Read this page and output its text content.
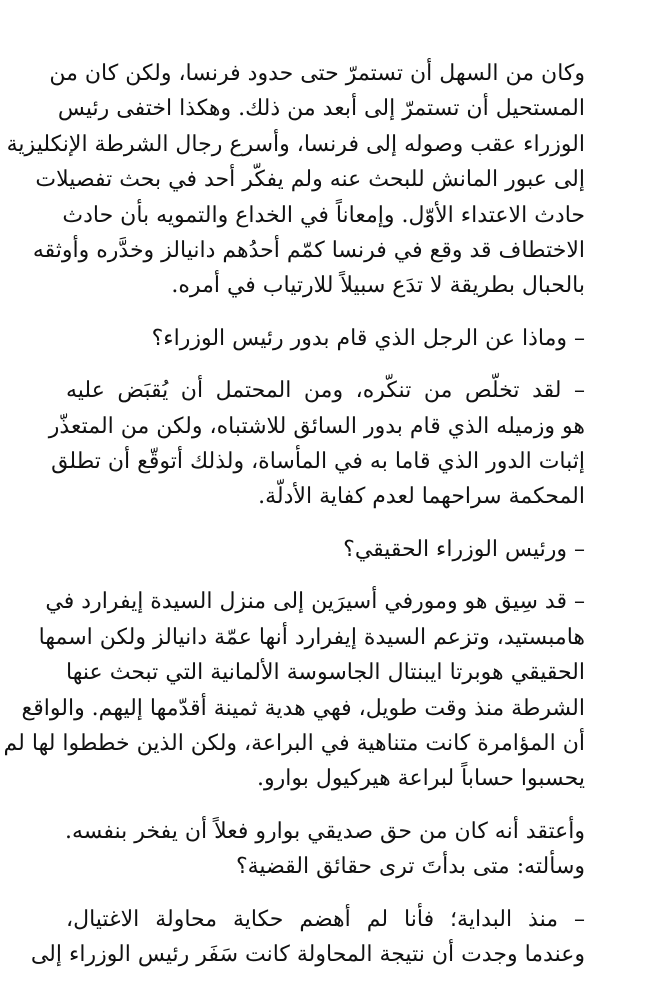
وكان من السهل أن تستمرّ حتى حدود فرنسا، ولكن كان من
المستحيل أن تستمرّ إلى أبعد من ذلك. وهكذا اختفى رئيس
الوزراء عقب وصوله إلى فرنسا، وأسرع رجال الشرطة الإنكليزية
إلى عبور المانش للبحث عنه ولم يفكّر أحد في بحث تفصيلات
حادث الاعتداء الأوّل. وإمعاناً في الخداع والتمويه بأن حادث
الاختطاف قد وقع في فرنسا كمّم أحدُهم دانيالز وخدَّره وأوثقه
بالحبال بطريقة لا تدَع سبيلاً للارتياب في أمره.

– وماذا عن الرجل الذي قام بدور رئيس الوزراء؟

– لقد تخلّص من تنكّره، ومن المحتمل أن يُقبَض عليه
هو وزميله الذي قام بدور السائق للاشتباه، ولكن من المتعذّر
إثبات الدور الذي قاما به في المأساة، ولذلك أتوقّع أن تطلق
المحكمة سراحهما لعدم كفاية الأدلّة.

– ورئيس الوزراء الحقيقي؟

– قد سِيق هو ومورفي أسيرَين إلى منزل السيدة إيفرارد في
هامبستيد، وتزعم السيدة إيفرارد أنها عمّة دانيالز ولكن اسمها
الحقيقي هوبرتا ايبنتال الجاسوسة الألمانية التي تبحث عنها
الشرطة منذ وقت طويل، فهي هدية ثمينة أقدّمها إليهم. والواقع
أن المؤامرة كانت متناهية في البراعة، ولكن الذين خططوا لها لم
يحسبوا حساباً لبراعة هيركيول بوارو.

وأعتقد أنه كان من حق صديقي بوارو فعلاً أن يفخر بنفسه.
وسألته: متى بدأتَ ترى حقائق القضية؟

– منذ البداية؛ فأنا لم أهضم حكاية محاولة الاغتيال،
وعندما وجدت أن نتيجة المحاولة كانت سَفَر رئيس الوزراء إلى
